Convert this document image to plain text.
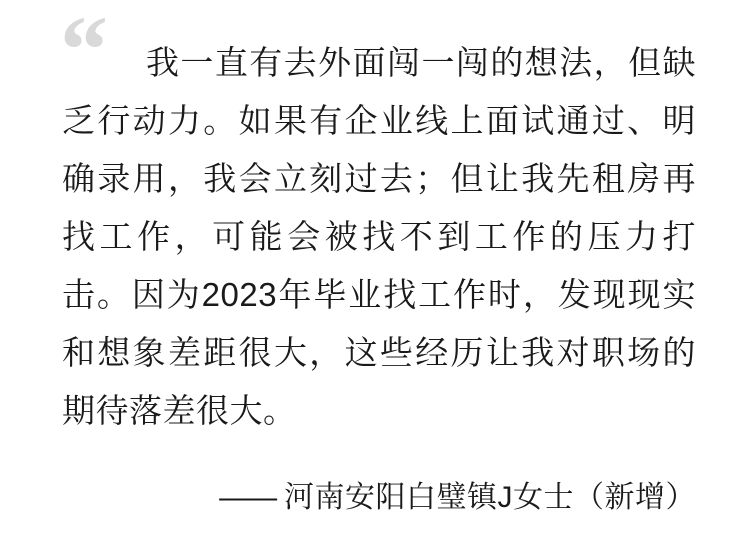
“	我一直有去外面闯一闯的想法，但缺乏行动力。如果有企业线上面试通过、明确录用，我会立刻过去；但让我先租房再找工作，可能会被找不到工作的压力打击。因为2023年毕业找工作时，发现现实和想象差距很大，这些经历让我对职场的期待落差很大。

—— 河南安阳白璧镇J女士（新增）
